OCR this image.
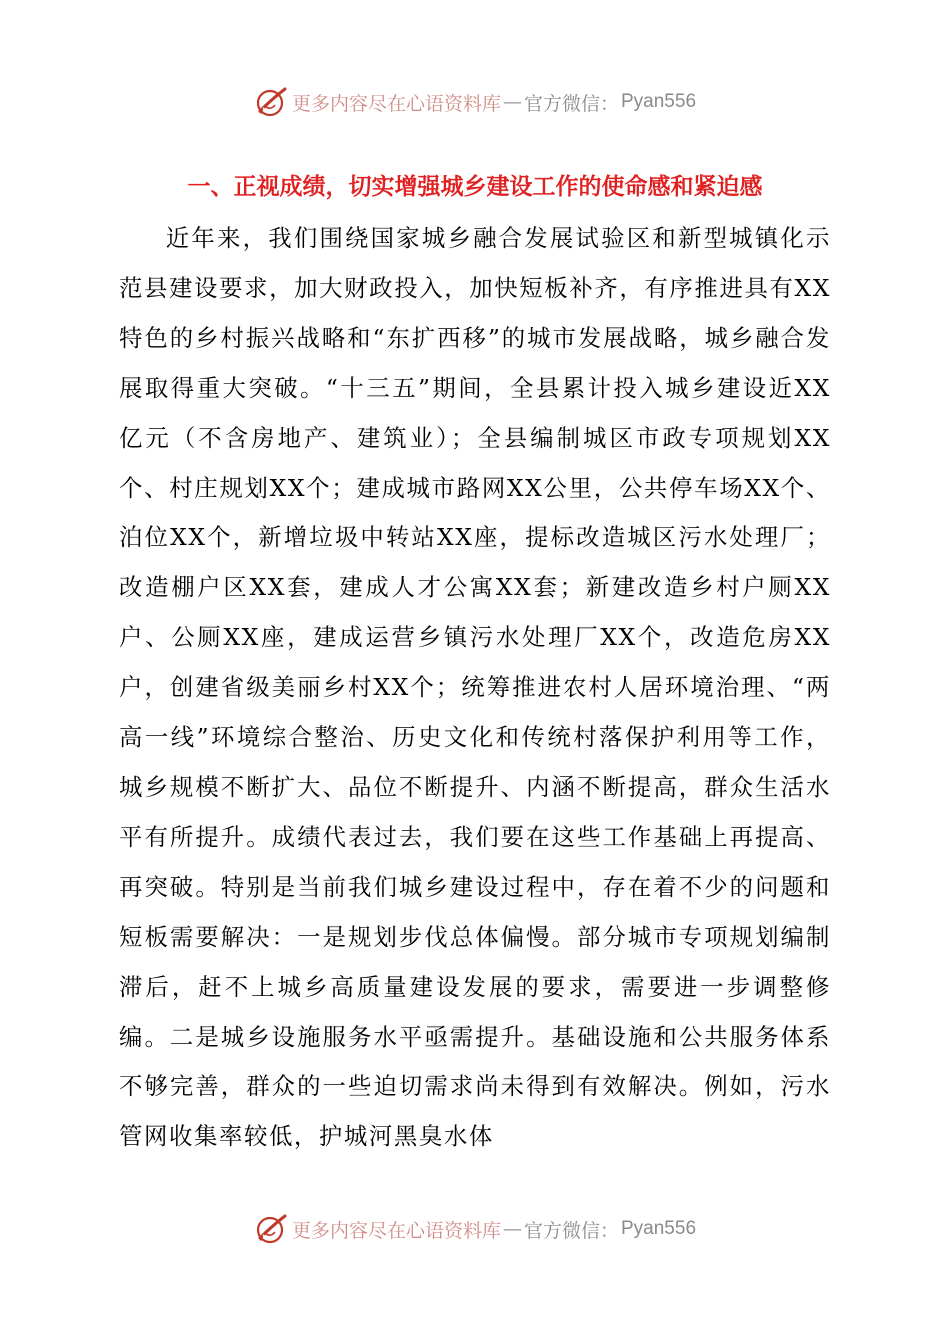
更多内容尽在心语资料库 — 官方微信： Pyan556
一、正视成绩，切实增强城乡建设工作的使命感和紧迫感

近年来，我们围绕国家城乡融合发展试验区和新型城镇化示范县建设要求，加大财政投入，加快短板补齐，有序推进具有XX特色的乡村振兴战略和“东扩西移”的城市发展战略，城乡融合发展取得重大突破。“十三五”期间，全县累计投入城乡建设近XX亿元（不含房地产、建筑业）；全县编制城区市政专项规划XX个、村庄规划XX个；建成城市路网XX公里，公共停车场XX个、泊位XX个，新增垃圾中转站XX座，提标改造城区污水处理厂；改造棚户区XX套，建成人才公寓XX套；新建改造乡村户厕XX户、公厕XX座，建成运营乡镇污水处理厂XX个，改造危房XX户，创建省级美丽乡村XX个；统筹推进农村人居环境治理、“两高一线”环境综合整治、历史文化和传统村落保护利用等工作，城乡规模不断扩大、品位不断提升、内涵不断提高，群众生活水平有所提升。成绩代表过去，我们要在这些工作基础上再提高、再突破。特别是当前我们城乡建设过程中，存在着不少的问题和短板需要解决：一是规划步伐总体偏慢。部分城市专项规划编制滞后，赶不上城乡高质量建设发展的要求，需要进一步调整修编。二是城乡设施服务水平亟需提升。基础设施和公共服务体系不够完善，群众的一些迫切需求尚未得到有效解决。例如，污水管网收集率较低，护城河黑臭水体

更多内容尽在心语资料库 — 官方微信： Pyan556
